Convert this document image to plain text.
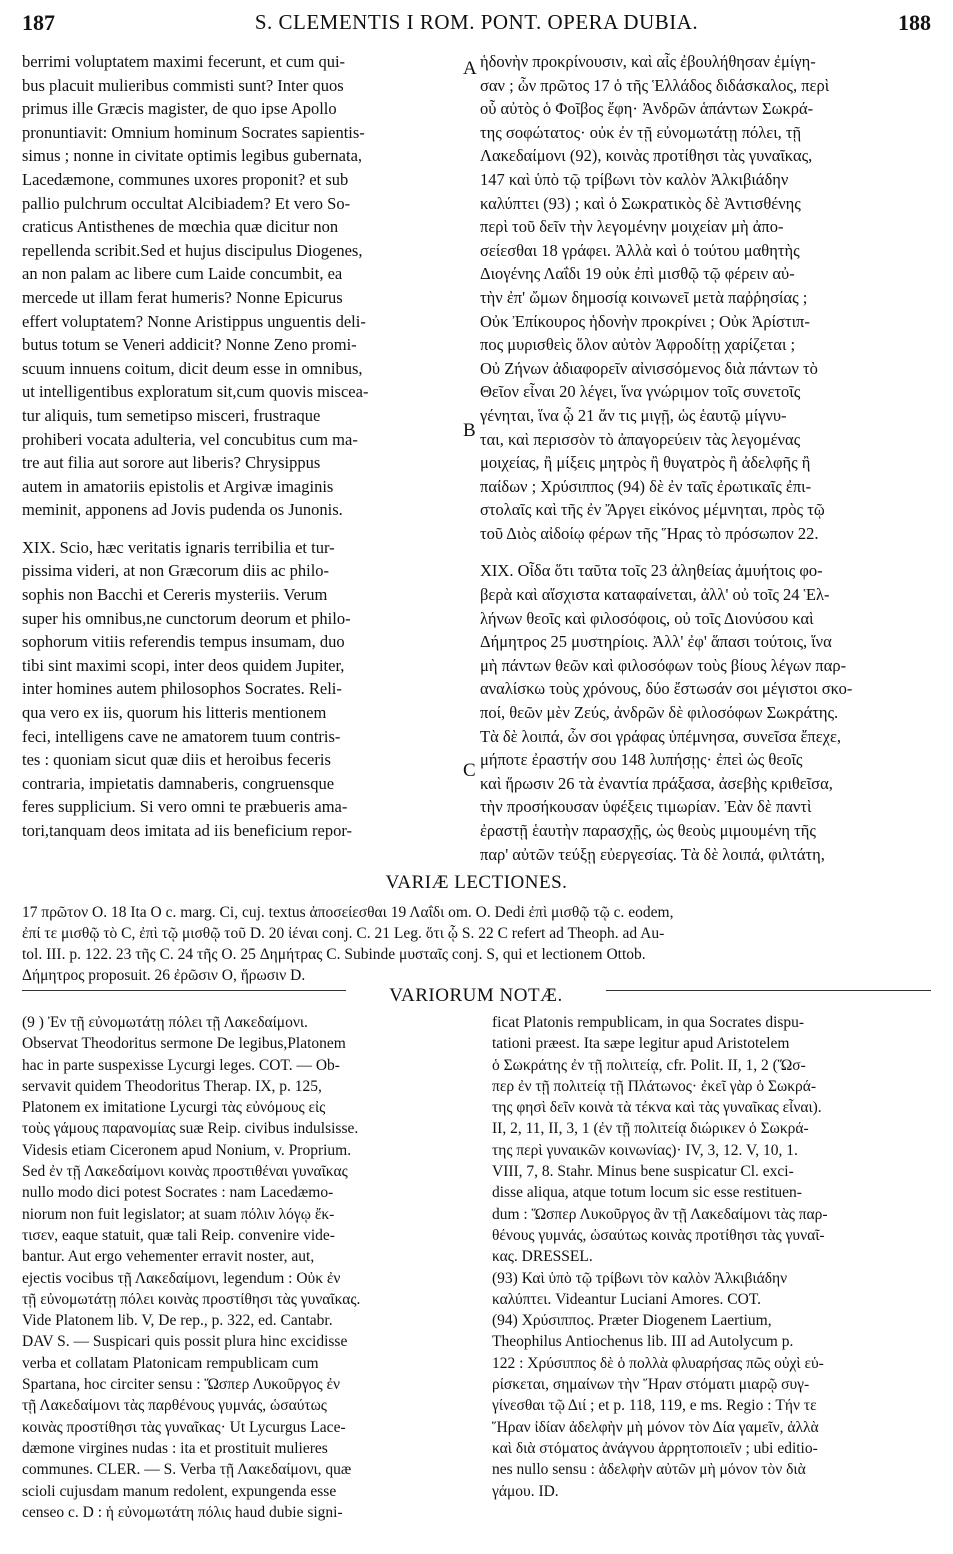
187	S. CLEMENTIS I ROM. PONT. OPERA DUBIA.	188
berrimi voluptatem maximi fecerunt, et cum qui-
bus placuit mulieribus commisti sunt? Inter quos
primus ille Græcis magister, de quo ipse Apollo
pronuntiavit: Omnium hominum Socrates sapientis-
simus ; nonne in civitate optimis legibus gubernata,
Lacedæmone, communes uxores proponit? et sub
pallio pulchrum occultat Alcibiadem? Et vero So-
craticus Antisthenes de mœchia quæ dicitur non
repellenda scribit.Sed et hujus discipulus Diogenes,
an non palam ac libere cum Laide concumbit, ea
mercede ut illam ferat humeris? Nonne Epicurus
effert voluptatem? Nonne Aristippus unguentis deli-
butus totum se Veneri addicit? Nonne Zeno promi-
scuum innuens coitum, dicit deum esse in omnibus,
ut intelligentibus exploratum sit,cum quovis miscea-
tur aliquis, tum semetipso misceri, frustraque
prohiberi vocata adulteria, vel concubitus cum ma-
tre aut filia aut sorore aut liberis? Chrysippus
autem in amatoriis epistolis et Argivæ imaginis
meminit, apponens ad Jovis pudenda os Junonis.
XIX. Scio, hæc veritatis ignaris terribilia et tur-
pissima videri, at non Græcorum diis ac philo-
sophis non Bacchi et Cereris mysteriis. Verum
super his omnibus,ne cunctorum deorum et philo-
sophorum vitiis referendis tempus insumam, duo
tibi sint maximi scopi, inter deos quidem Jupiter,
inter homines autem philosophos Socrates. Reli-
qua vero ex iis, quorum his litteris mentionem
feci, intelligens cave ne amatorem tuum contris-
tes : quoniam sicut quæ diis et heroibus feceris
contraria, impietatis damnaberis, congruensque
feres supplicium. Si vero omni te præbueris ama-
tori,tanquam deos imitata ad iis beneficium repor-
ἡδονὴν προκρίνουσιν, καὶ αἷς ἐβουλήθησαν ἐμίγη-
σαν ; ὧν πρῶτος 17 ὁ τῆς Ἑλλάδος διδάσκαλος, περὶ
οὗ αὐτὸς ὁ Φοῖβος ἔφη· Ἀνδρῶν ἁπάντων Σωκρά-
της σοφώτατος· οὐκ ἐν τῇ εὐνομωτάτῃ πόλει, τῇ
Λακεδαίμονι (92), κοινὰς προτίθησι τὰς γυναῖκας,
147 καὶ ὑπὸ τῷ τρίβωνι τὸν καλὸν Ἀλκιβιάδην
καλύπτει (93) ; καὶ ὁ Σωκρατικὸς δὲ Ἀντισθένης
περὶ τοῦ δεῖν τὴν λεγομένην μοιχείαν μὴ ἀπο-
σείεσθαι 18 γράφει. Ἀλλὰ καὶ ὁ τούτου μαθητὴς
Διογένης Λαΐδι 19 οὐκ ἐπὶ μισθῷ τῷ φέρειν αὐ-
τὴν ἐπ' ὤμων δημοσίᾳ κοινωνεῖ μετὰ παῤῥησίας ;
Οὐκ Ἐπίκουρος ἡδονὴν προκρίνει ; Οὐκ Ἀρίστιπ-
πος μυρισθεὶς ὅλον αὐτὸν Ἀφροδίτῃ χαρίζεται ;
Οὐ Ζήνων ἀδιαφορεῖν αἰνισσόμενος διὰ πάντων τὸ
Θεῖον εἶναι 20 λέγει, ἵνα γνώριμον τοῖς συνετοῖς
γένηται, ἵνα ᾧ 21 ἄν τις μιγῇ, ὡς ἑαυτῷ μίγνυ-
ται, καὶ περισσὸν τὸ ἀπαγορεύειν τὰς λεγομένας
μοιχείας, ἢ μίξεις μητρὸς ἢ θυγατρὸς ἢ ἀδελφῆς ἢ
παίδων ; Χρύσιππος (94) δὲ ἐν ταῖς ἐρωτικαῖς ἐπι-
στολαῖς καὶ τῆς ἐν Ἄργει εἰκόνος μέμνηται, πρὸς τῷ
τοῦ Διὸς αἰδοίῳ φέρων τῆς Ἥρας τὸ πρόσωπον 22.
XIX. Οἶδα ὅτι ταῦτα τοῖς 23 ἀληθείας ἀμυήτοις φο-
βερὰ καὶ αἴσχιστα καταφαίνεται, ἀλλ' οὐ τοῖς 24 Ἑλ-
λήνων θεοῖς καὶ φιλοσόφοις, οὐ τοῖς Διονύσου καὶ
Δήμητρος 25 μυστηρίοις. Ἀλλ' ἐφ' ἅπασι τούτοις, ἵνα
μὴ πάντων θεῶν καὶ φιλοσόφων τοὺς βίους λέγων παρ-
αναλίσκω τοὺς χρόνους, δύο ἔστωσάν σοι μέγιστοι σκο-
ποί, θεῶν μὲν Ζεύς, ἀνδρῶν δὲ φιλοσόφων Σωκράτης.
Τὰ δὲ λοιπά, ὧν σοι γράφας ὑπέμνησα, συνεῖσα ἔπεχε,
μήποτε ἐραστήν σου 148 λυπήσῃς· ἐπεὶ ὡς θεοῖς
καὶ ἥρωσιν 26 τὰ ἐναντία πράξασα, ἀσεβὴς κριθεῖσα,
τὴν προσήκουσαν ὑφέξεις τιμωρίαν. Ἐὰν δὲ παντὶ
ἐραστῇ ἑαυτὴν παρασχῇς, ὡς θεοὺς μιμουμένη τῆς
παρ' αὐτῶν τεύξῃ εὐεργεσίας. Τὰ δὲ λοιπά, φιλτάτη,
A
B
C
VARIÆ LECTIONES.
17 πρῶτον O. 18 Ita O c. marg. Ci, cuj. textus ἀποσείεσθαι 19 Λαΐδι om. O. Dedi ἐπὶ μισθῷ τῷ c. eodem,
ἐπί τε μισθῷ τὸ C, ἐπὶ τῷ μισθῷ τοῦ D. 20 ἰέναι conj. C. 21 Leg. ὅτι ᾧ S. 22 C refert ad Theoph. ad Au-
tol. III. p. 122. 23 τῆς C. 24 τῆς O. 25 Δημήτρας C. Subinde μυσταῖς conj. S, qui et lectionem Ottob.
Δήμητρος proposuit. 26 ἐρῶσιν O, ἥρωσιν D.
VARIORUM NOTÆ.
(9 ) Ἐν τῇ εὐνομωτάτῃ πόλει τῇ Λακεδαίμονι.
Observat Theodoritus sermone De legibus,Platonem
hac in parte suspexisse Lycurgi leges. COT. — Ob-
servavit quidem Theodoritus Therap. IX, p. 125,
Platonem ex imitatione Lycurgi τὰς εὐνόμους εἰς
τοὺς γάμους παρανομίας suæ Reip. civibus indulsisse.
Videsis etiam Ciceronem apud Nonium, v. Proprium.
Sed ἐν τῇ Λακεδαίμονι κοινὰς προστιθέναι γυναῖκας
nullo modo dici potest Socrates : nam Lacedæmo-
niorum non fuit legislator; at suam πόλιν λόγῳ ἔκ-
τισεν, eaque statuit, quæ tali Reip. convenire vide-
bantur. Aut ergo vehementer erravit noster, aut,
ejectis vocibus τῇ Λακεδαίμονι, legendum : Οὐκ ἐν
τῇ εὐνομωτάτῃ πόλει κοινὰς προστίθησι τὰς γυναῖκας.
Vide Platonem lib. V, De rep., p. 322, ed. Cantabr.
DAV S. — Suspicari quis possit plura hinc excidisse
verba et collatam Platonicam rempublicam cum
Spartana, hoc circiter sensu : Ὥσπερ Λυκοῦργος ἐν
τῇ Λακεδαίμονι τὰς παρθένους γυμνάς, ὡσαύτως
κοινὰς προστίθησι τὰς γυναῖκας· Ut Lycurgus Lace-
dæmone virgines nudas : ita et prostituit mulieres
communes. CLER. — S. Verba τῇ Λακεδαίμονι, quæ
scioli cujusdam manum redolent, expungenda esse
censeo c. D : ἡ εὐνομωτάτη πόλις haud dubie signi-
ficat Platonis rempublicam, in qua Socrates dispu-
tationi præest. Ita sæpe legitur apud Aristotelem
ὁ Σωκράτης ἐν τῇ πολιτείᾳ, cfr. Polit. II, 1, 2 (Ὥσ-
περ ἐν τῇ πολιτείᾳ τῇ Πλάτωνος· ἐκεῖ γὰρ ὁ Σωκρά-
της φησὶ δεῖν κοινὰ τὰ τέκνα καὶ τὰς γυναῖκας εἶναι).
II, 2, 11, II, 3, 1 (ἐν τῇ πολιτείᾳ διώρικεν ὁ Σωκρά-
της περὶ γυναικῶν κοινωνίας)· IV, 3, 12. V, 10, 1.
VIII, 7, 8. Stahr. Minus bene suspicatur Cl. exci-
disse aliqua, atque totum locum sic esse restituen-
dum : Ὥσπερ Λυκοῦργος ἂν τῇ Λακεδαίμονι τὰς παρ-
θένους γυμνάς, ὡσαύτως κοινὰς προτίθησι τὰς γυναῖ-
κας. DRESSEL.
(93) Καὶ ὑπὸ τῷ τρίβωνι τὸν καλὸν Ἀλκιβιάδην
καλύπτει. Videantur Luciani Amores. COT.
(94) Χρύσιππος. Præter Diogenem Laertium,
Theophilus Antiochenus lib. III ad Autolycum p.
122 : Χρύσιππος δὲ ὁ πολλὰ φλυαρήσας πῶς οὐχὶ εὑ-
ρίσκεται, σημαίνων τὴν Ἥραν στόματι μιαρῷ συγ-
γίνεσθαι τῷ Διί ; et p. 118, 119, e ms. Regio : Τήν τε
Ἥραν ἰδίαν ἀδελφὴν μὴ μόνον τὸν Δία γαμεῖν, ἀλλὰ
καὶ διὰ στόματος ἀνάγνου ἀρρητοποιεῖν ; ubi editio-
nes nullo sensu : ἀδελφὴν αὐτῶν μὴ μόνον τὸν διὰ
γάμου. ID.
